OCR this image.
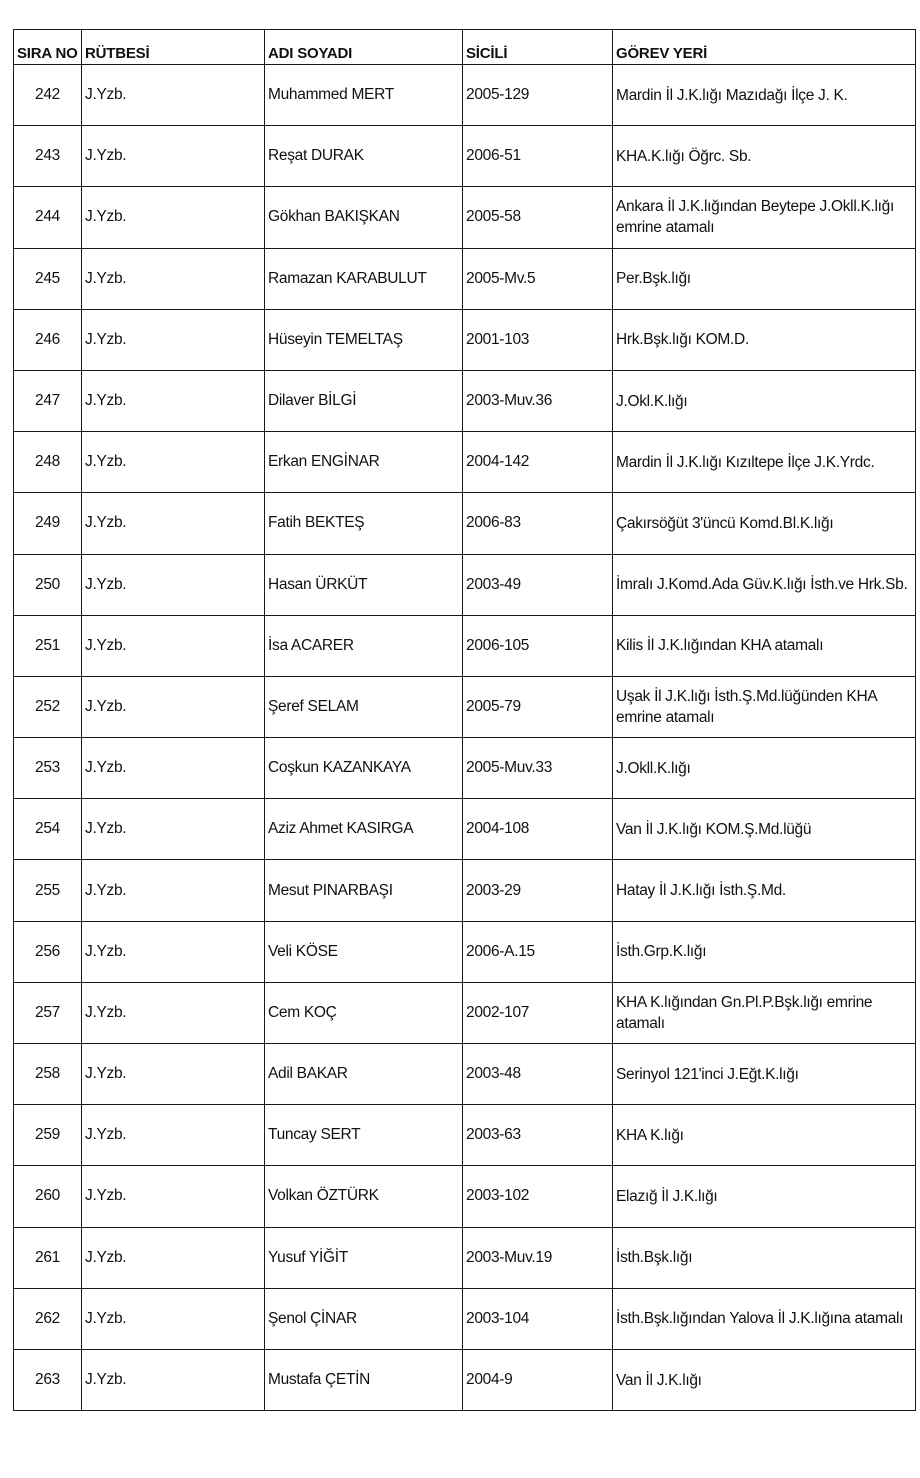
SIRA NO	RÜTBESİ	ADI SOYADI	SİCİLİ	GÖREV YERİ
242	J.Yzb.	Muhammed MERT	2005-129	Mardin İl J.K.lığı Mazıdağı İlçe J. K.
243	J.Yzb.	Reşat DURAK	2006-51	KHA.K.lığı Öğrc. Sb.
244	J.Yzb.	Gökhan BAKIŞKAN	2005-58	Ankara İl J.K.lığından Beytepe J.Okll.K.lığı emrine atamalı
245	J.Yzb.	Ramazan KARABULUT	2005-Mv.5	Per.Bşk.lığı
246	J.Yzb.	Hüseyin TEMELTAŞ	2001-103	Hrk.Bşk.lığı KOM.D.
247	J.Yzb.	Dilaver BİLGİ	2003-Muv.36	J.Okl.K.lığı
248	J.Yzb.	Erkan ENGİNAR	2004-142	Mardin İl J.K.lığı Kızıltepe İlçe J.K.Yrdc.
249	J.Yzb.	Fatih BEKTEŞ	2006-83	Çakırsöğüt 3'üncü Komd.Bl.K.lığı
250	J.Yzb.	Hasan ÜRKÜT	2003-49	İmralı J.Komd.Ada Güv.K.lığı İsth.ve Hrk.Sb.
251	J.Yzb.	İsa ACARER	2006-105	Kilis İl J.K.lığından KHA atamalı
252	J.Yzb.	Şeref SELAM	2005-79	Uşak İl J.K.lığı İsth.Ş.Md.lüğünden KHA emrine atamalı
253	J.Yzb.	Coşkun KAZANKAYA	2005-Muv.33	J.Okll.K.lığı
254	J.Yzb.	Aziz Ahmet KASIRGA	2004-108	Van İl J.K.lığı KOM.Ş.Md.lüğü
255	J.Yzb.	Mesut PINARBAŞI	2003-29	Hatay İl J.K.lığı İsth.Ş.Md.
256	J.Yzb.	Veli KÖSE	2006-A.15	İsth.Grp.K.lığı
257	J.Yzb.	Cem KOÇ	2002-107	KHA K.lığından Gn.Pl.P.Bşk.lığı emrine atamalı
258	J.Yzb.	Adil BAKAR	2003-48	Serinyol 121'inci J.Eğt.K.lığı
259	J.Yzb.	Tuncay SERT	2003-63	KHA K.lığı
260	J.Yzb.	Volkan ÖZTÜRK	2003-102	Elazığ İl J.K.lığı
261	J.Yzb.	Yusuf YİĞİT	2003-Muv.19	İsth.Bşk.lığı
262	J.Yzb.	Şenol ÇİNAR	2003-104	İsth.Bşk.lığından Yalova İl J.K.lığına atamalı
263	J.Yzb.	Mustafa ÇETİN	2004-9	Van İl J.K.lığı
